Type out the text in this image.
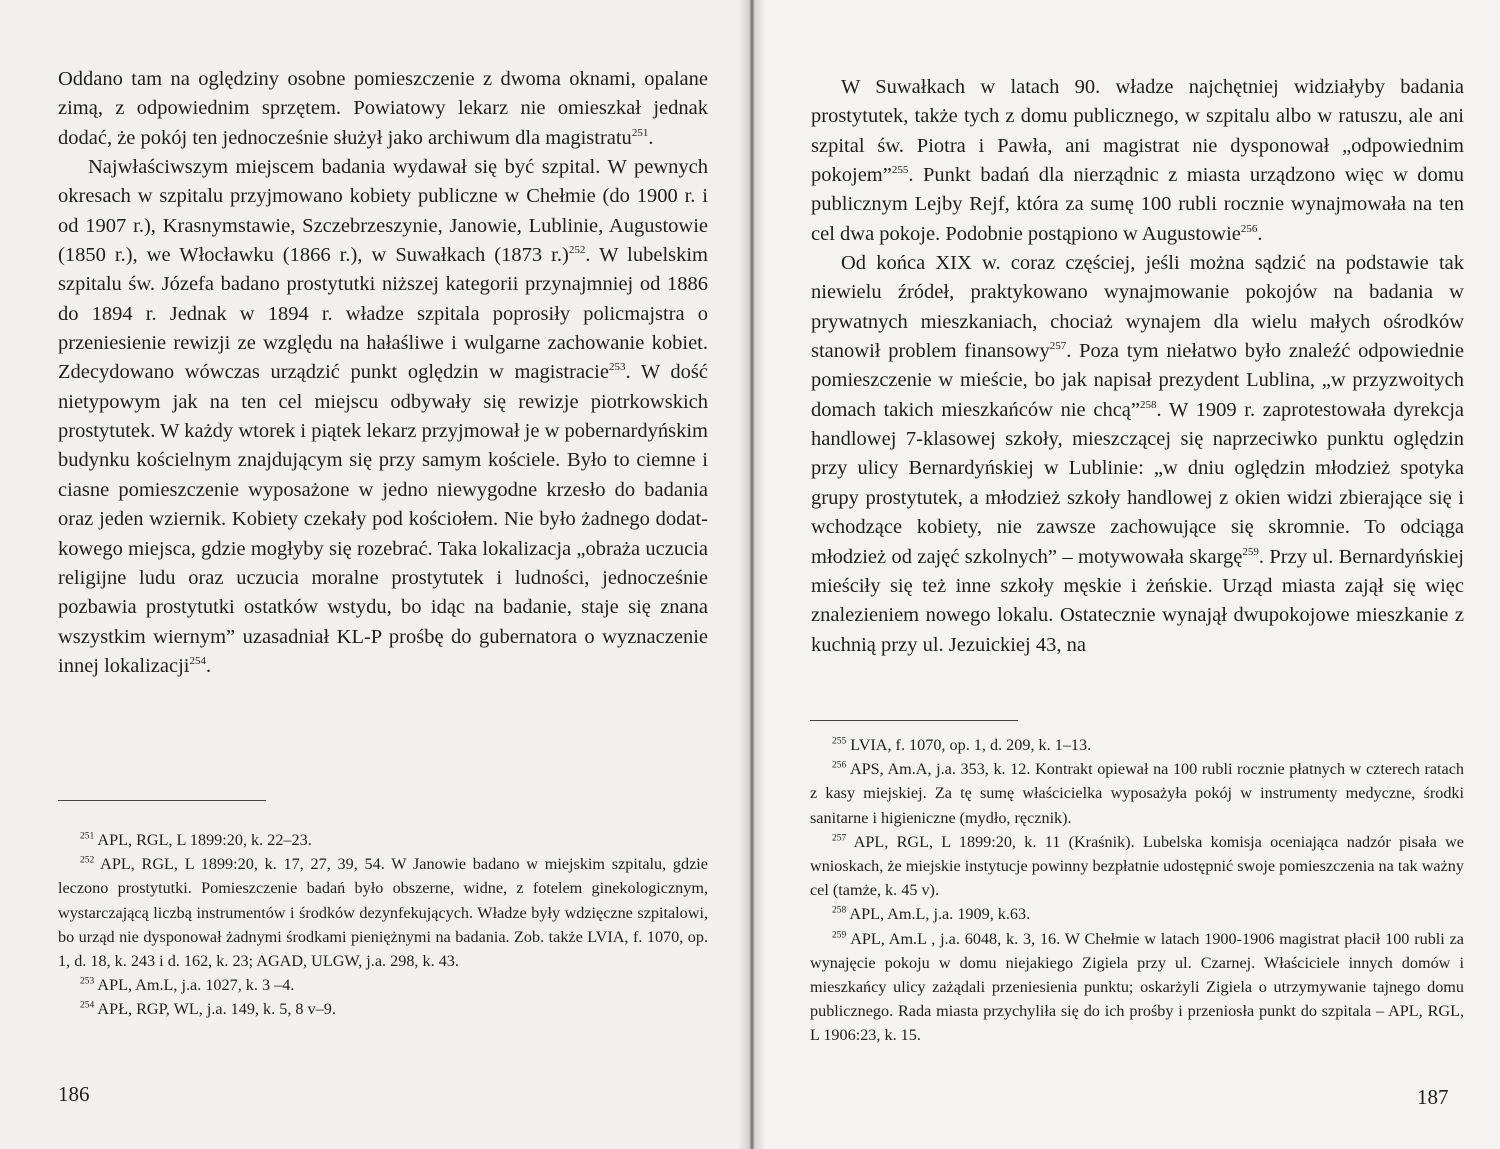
Oddano tam na oględziny osobne pomieszczenie z dwoma oknami, opalane zimą, z odpowiednim sprzętem. Powiatowy lekarz nie omieszkał jednak dodać, że pokój ten jednocześnie służył jako archiwum dla magistratu$^{251}$.

Najwłaściwszym miejscem badania wydawał się być szpital. W pewnych okresach w szpitalu przyjmowano kobiety publiczne w Chełmie (do 1900 r. i od 1907 r.), Krasnymstawie, Szczebrzeszynie, Janowie, Lublinie, Augustowie (1850 r.), we Włocławku (1866 r.), w Suwałkach (1873 r.)$^{252}$. W lubelskim szpitalu św. Józefa badano prostytutki niższej kategorii przynajmniej od 1886 do 1894 r. Jednak w 1894 r. władze szpitala poprosiły policmajstra o przeniesienie rewizji ze względu na hałaśliwe i wulgarne zachowanie kobiet. Zdecydowano wówczas urządzić punkt oględzin w magistracie$^{253}$. W dość nietypowym jak na ten cel miejscu odbywały się rewizje piotrkowskich prostytutek. W każdy wtorek i piątek lekarz przyjmował je w pobernardyńskim budynku kościelnym znajdującym się przy samym kościele. Było to ciemne i ciasne pomieszczenie wyposażone w jedno niewygodne krzesło do badania oraz jeden wziernik. Kobiety czekały pod kościołem. Nie było żadnego dodatkowego miejsca, gdzie mogłyby się rozebrać. Taka lokalizacja „obraża uczucia religijne ludu oraz uczucia moralne prostytutek i ludności, jednocześnie pozbawia prostytutki ostatków wstydu, bo idąc na badanie, staje się znana wszystkim wiernym” uzasadniał KL-P prośbę do gubernatora o wyznaczenie innej lokalizacji$^{254}$.

$^{251}$ APL, RGL, L 1899:20, k. 22–23.

$^{252}$ APL, RGL, L 1899:20, k. 17, 27, 39, 54. W Janowie badano w miejskim szpitalu, gdzie leczono prostytutki. Pomieszczenie badań było obszerne, widne, z fotelem ginekologicznym, wystarczającą liczbą instrumentów i środków dezynfekujących. Władze były wdzięczne szpitalowi, bo urząd nie dysponował żadnymi środkami pieniężnymi na badania. Zob. także LVIA, f. 1070, op. 1, d. 18, k. 243 i d. 162, k. 23; AGAD, ULGW, j.a. 298, k. 43.

$^{253}$ APL, Am.L, j.a. 1027, k. 3 –4.

$^{254}$ APŁ, RGP, WL, j.a. 149, k. 5, 8 v–9.

186

W Suwałkach w latach 90. władze najchętniej widziałyby badania prostytutek, także tych z domu publicznego, w szpitalu albo w ratuszu, ale ani szpital św. Piotra i Pawła, ani magistrat nie dysponował „odpowiednim pokojem”$^{255}$. Punkt badań dla nierządnic z miasta urządzono więc w domu publicznym Lejby Rejf, która za sumę 100 rubli rocznie wynajmowała na ten cel dwa pokoje. Podobnie postąpiono w Augustowie$^{256}$.

Od końca XIX w. coraz częściej, jeśli można sądzić na podstawie tak niewielu źródeł, praktykowano wynajmowanie pokojów na badania w prywatnych mieszkaniach, chociaż wynajem dla wielu małych ośrodków stanowił problem finansowy$^{257}$. Poza tym niełatwo było znaleźć odpowiednie pomieszczenie w mieście, bo jak napisał prezydent Lublina, „w przyzwoitych domach takich mieszkańców nie chcą”$^{258}$. W 1909 r. zaprotestowała dyrekcja handlowej 7-klasowej szkoły, mieszczącej się naprzeciwko punktu oględzin przy ulicy Bernardyńskiej w Lublinie: „w dniu oględzin młodzież spotyka grupy prostytutek, a młodzież szkoły handlowej z okien widzi zbierające się i wchodzące kobiety, nie zawsze zachowujące się skromnie. To odciąga młodzież od zajęć szkolnych” – motywowała skargę$^{259}$. Przy ul. Bernardyńskiej mieściły się też inne szkoły męskie i żeńskie. Urząd miasta zajął się więc znalezieniem nowego lokalu. Ostatecznie wynajął dwupokojowe mieszkanie z kuchnią przy ul. Jezuickiej 43, na

$^{255}$ LVIA, f. 1070, op. 1, d. 209, k. 1–13.

$^{256}$ APS, Am.A, j.a. 353, k. 12. Kontrakt opiewał na 100 rubli rocznie płatnych w czterech ratach z kasy miejskiej. Za tę sumę właścicielka wyposażyła pokój w instrumenty medyczne, środki sanitarne i higieniczne (mydło, ręcznik).

$^{257}$ APL, RGL, L 1899:20, k. 11 (Kraśnik). Lubelska komisja oceniająca nadzór pisała we wnioskach, że miejskie instytucje powinny bezpłatnie udostępnić swoje pomieszczenia na tak ważny cel (tamże, k. 45 v).

$^{258}$ APL, Am.L, j.a. 1909, k.63.

$^{259}$ APL, Am.L , j.a. 6048, k. 3, 16. W Chełmie w latach 1900-1906 magistrat płacił 100 rubli za wynajęcie pokoju w domu niejakiego Zigiela przy ul. Czarnej. Właściciele innych domów i mieszkańcy ulicy zażądali przeniesienia punktu; oskarżyli Zigiela o utrzymywanie tajnego domu publicznego. Rada miasta przychyliła się do ich prośby i przeniosła punkt do szpitala – APL, RGL, L 1906:23, k. 15.

187
